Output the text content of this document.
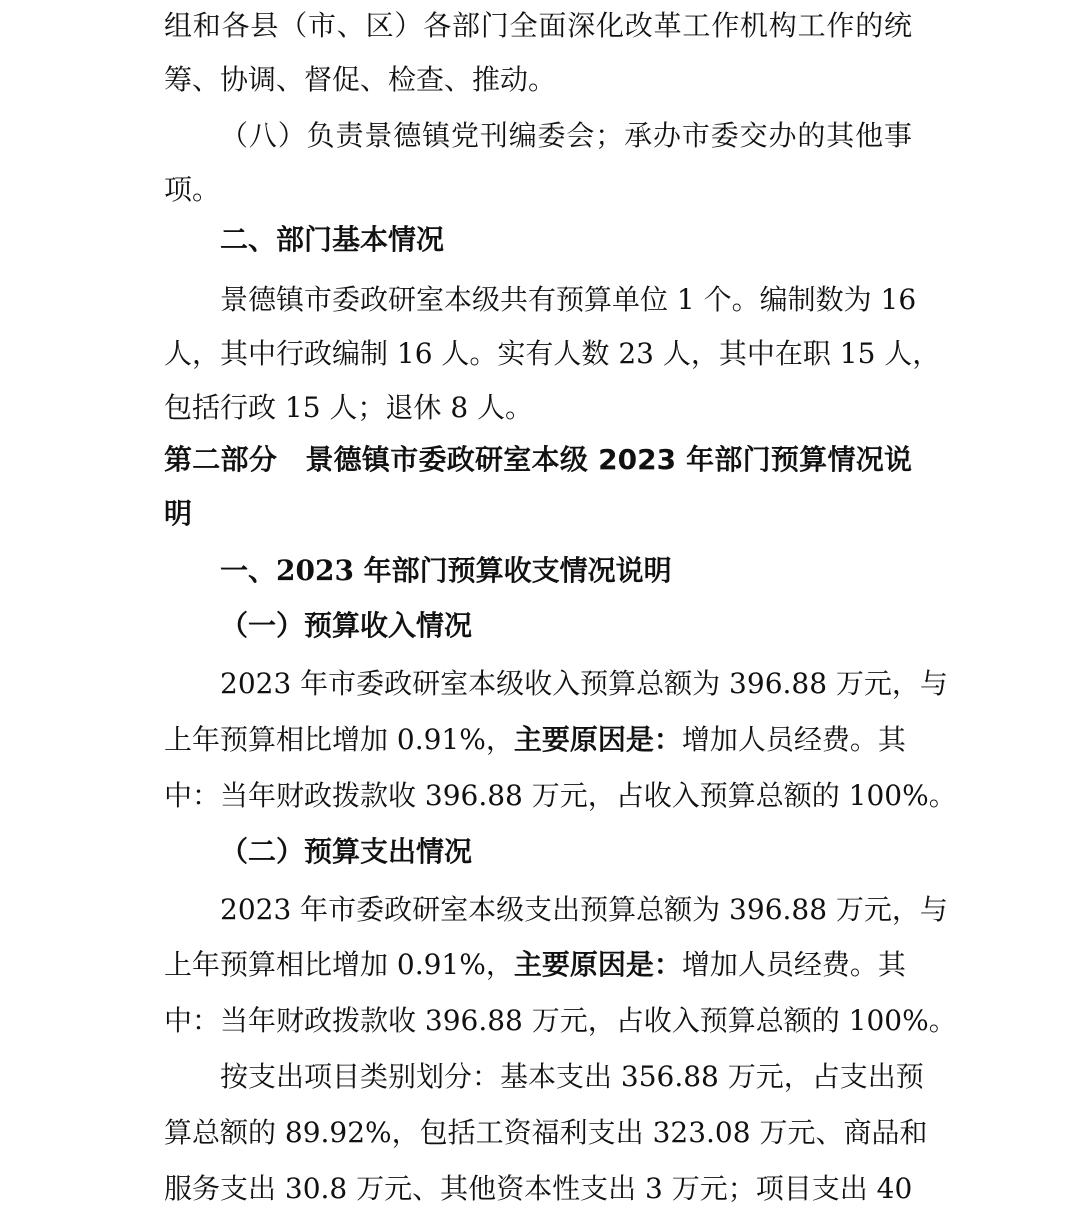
组和各县（市、区）各部门全面深化改革工作机构工作的统
筹、协调、督促、检查、推动。
（八）负责景德镇党刊编委会；承办市委交办的其他事
项。
二、部门基本情况
景德镇市委政研室本级共有预算单位 1 个。编制数为 16
人，其中行政编制 16 人。实有人数 23 人，其中在职 15 人，
包括行政 15 人；退休 8 人。
第二部分　景德镇市委政研室本级 2023 年部门预算情况说
明
一、2023 年部门预算收支情况说明
（一）预算收入情况
2023 年市委政研室本级收入预算总额为 396.88 万元，与
上年预算相比增加 0.91%，主要原因是：增加人员经费。其
中：当年财政拨款收 396.88 万元，占收入预算总额的 100%。
（二）预算支出情况
2023 年市委政研室本级支出预算总额为 396.88 万元，与
上年预算相比增加 0.91%，主要原因是：增加人员经费。其
中：当年财政拨款收 396.88 万元，占收入预算总额的 100%。
按支出项目类别划分：基本支出 356.88 万元，占支出预
算总额的 89.92%，包括工资福利支出 323.08 万元、商品和
服务支出 30.8 万元、其他资本性支出 3 万元；项目支出 40
